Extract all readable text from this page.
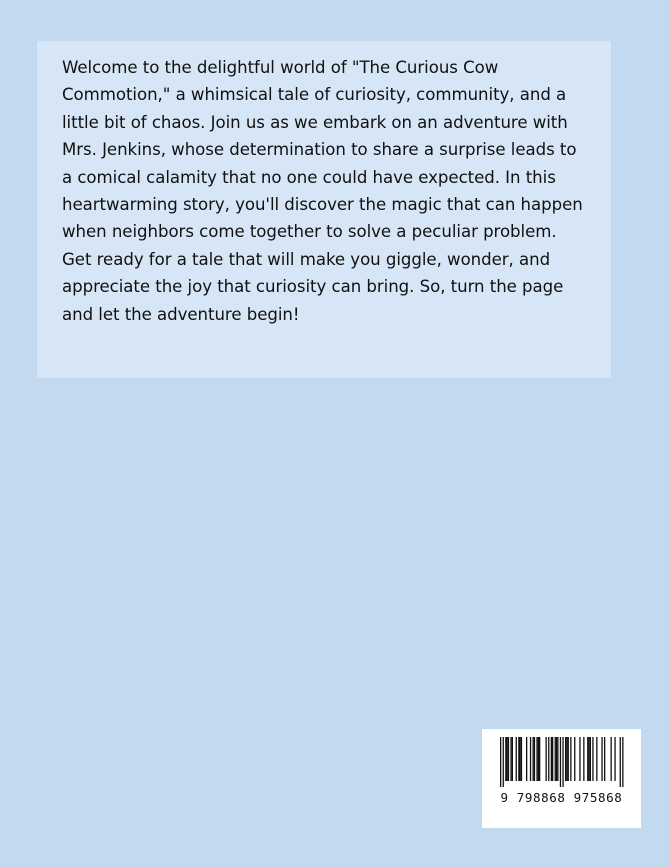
Welcome to the delightful world of "The Curious Cow Commotion," a whimsical tale of curiosity, community, and a little bit of chaos. Join us as we embark on an adventure with Mrs. Jenkins, whose determination to share a surprise leads to a comical calamity that no one could have expected. In this heartwarming story, you'll discover the magic that can happen when neighbors come together to solve a peculiar problem. Get ready for a tale that will make you giggle, wonder, and appreciate the joy that curiosity can bring. So, turn the page and let the adventure begin!

9 798868 975868
